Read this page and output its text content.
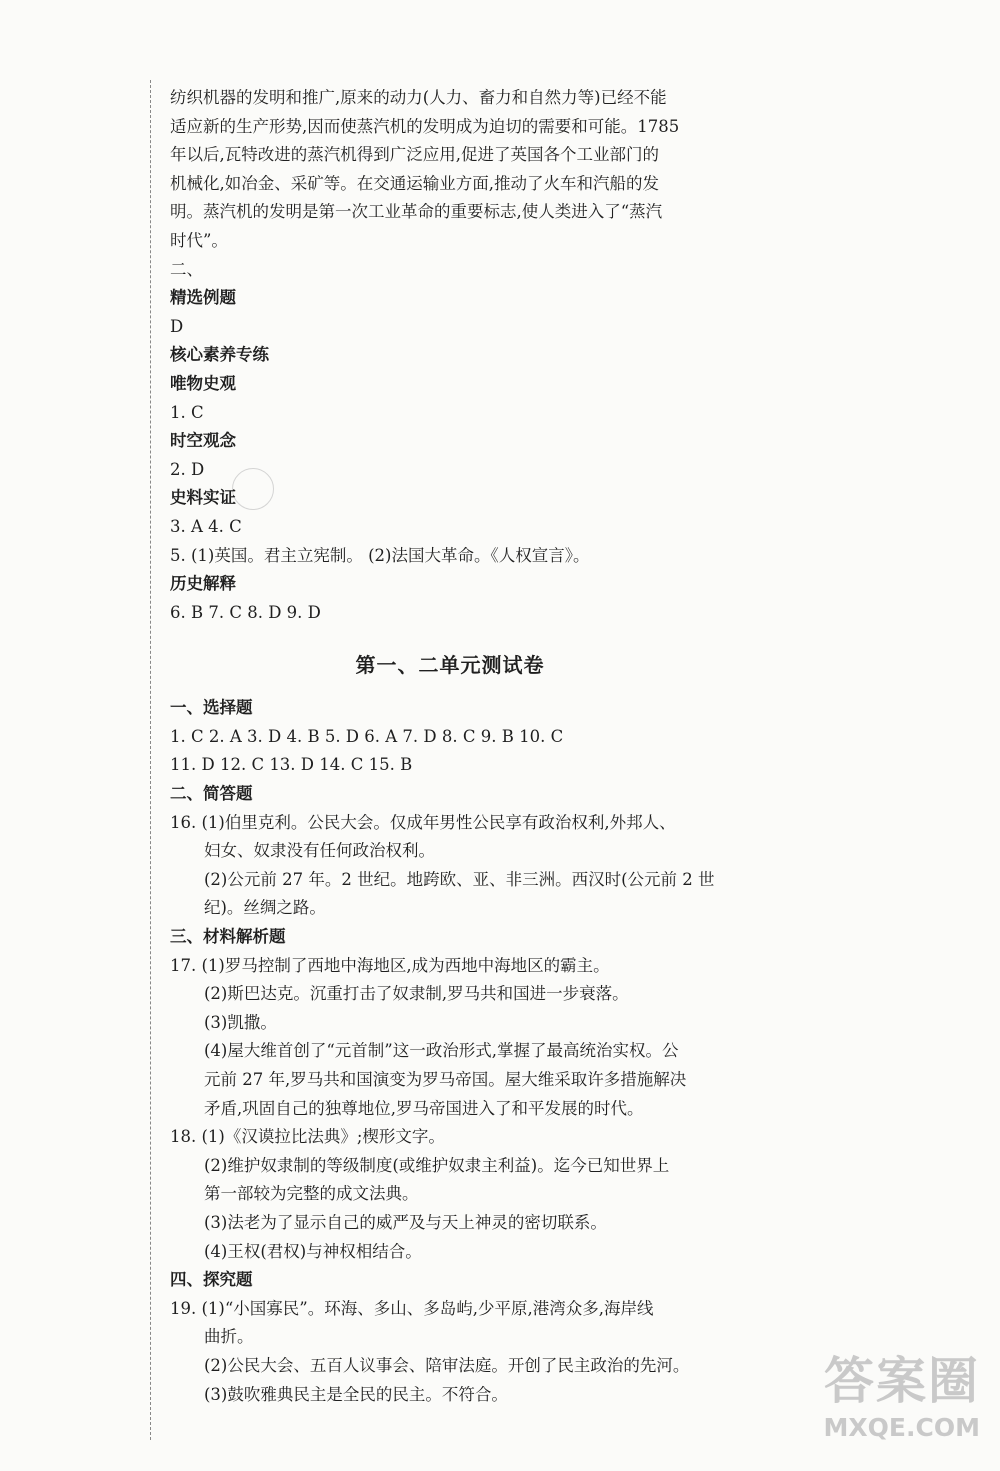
纺织机器的发明和推广,原来的动力(人力、畜力和自然力等)已经不能
适应新的生产形势,因而使蒸汽机的发明成为迫切的需要和可能。1785
年以后,瓦特改进的蒸汽机得到广泛应用,促进了英国各个工业部门的
机械化,如冶金、采矿等。在交通运输业方面,推动了火车和汽船的发
明。蒸汽机的发明是第一次工业革命的重要标志,使人类进入了“蒸汽
时代”。
二、
精选例题
D
核心素养专练
唯物史观
1. C
时空观念
2. D
史料实证
3. A 4. C
5. (1)英国。君主立宪制。 (2)法国大革命。《人权宣言》。
历史解释
6. B 7. C 8. D 9. D
第一、二单元测试卷
一、选择题
1. C 2. A 3. D 4. B 5. D 6. A 7. D 8. C 9. B 10. C
11. D 12. C 13. D 14. C 15. B
二、简答题
16. (1)伯里克利。公民大会。仅成年男性公民享有政治权利,外邦人、
妇女、奴隶没有任何政治权利。
(2)公元前 27 年。2 世纪。地跨欧、亚、非三洲。西汉时(公元前 2 世
纪)。丝绸之路。
三、材料解析题
17. (1)罗马控制了西地中海地区,成为西地中海地区的霸主。
(2)斯巴达克。沉重打击了奴隶制,罗马共和国进一步衰落。
(3)凯撒。
(4)屋大维首创了“元首制”这一政治形式,掌握了最高统治实权。公
元前 27 年,罗马共和国演变为罗马帝国。屋大维采取许多措施解决
矛盾,巩固自己的独尊地位,罗马帝国进入了和平发展的时代。
18. (1)《汉谟拉比法典》;楔形文字。
(2)维护奴隶制的等级制度(或维护奴隶主利益)。迄今已知世界上
第一部较为完整的成文法典。
(3)法老为了显示自己的威严及与天上神灵的密切联系。
(4)王权(君权)与神权相结合。
四、探究题
19. (1)“小国寡民”。环海、多山、多岛屿,少平原,港湾众多,海岸线
曲折。
(2)公民大会、五百人议事会、陪审法庭。开创了民主政治的先河。
(3)鼓吹雅典民主是全民的民主。不符合。	答案圈
MXQE.COM
